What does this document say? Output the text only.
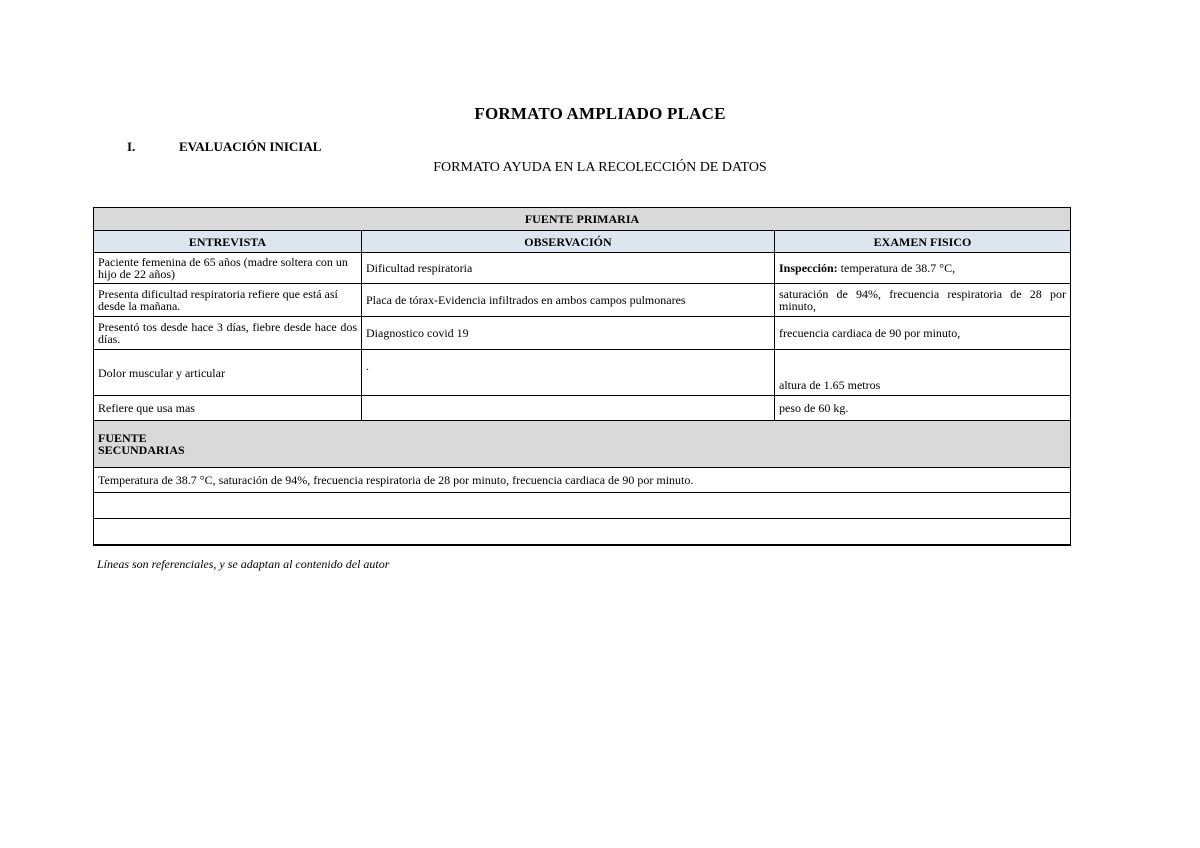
FORMATO AMPLIADO PLACE
I.	EVALUACIÓN INICIAL
FORMATO AYUDA EN LA RECOLECCIÓN DE DATOS
FUENTE PRIMARIA		
ENTREVISTA	OBSERVACIÓN	EXAMEN FISICO
Paciente femenina de 65 años (madre soltera con un hijo de 22 años)	Dificultad respiratoria	Inspección: temperatura de 38.7 °C,
Presenta dificultad respiratoria refiere que está así desde la mañana.	Placa de tórax-Evidencia infiltrados en ambos campos pulmonares	saturación de 94%, frecuencia respiratoria de 28 por minuto,
Presentó tos desde hace 3 días, fiebre desde hace dos días.	Diagnostico covid 19	frecuencia cardiaca de 90 por minuto,
Dolor muscular y articular	.	altura de 1.65 metros
Refiere que usa mas		peso de 60 kg.

FUENTE
SECUNDARIAS		

Temperatura de 38.7 °C, saturación de 94%, frecuencia respiratoria de 28 por minuto, frecuencia cardiaca de 90 por minuto.		

Líneas son referenciales, y se adaptan al contenido del autor
